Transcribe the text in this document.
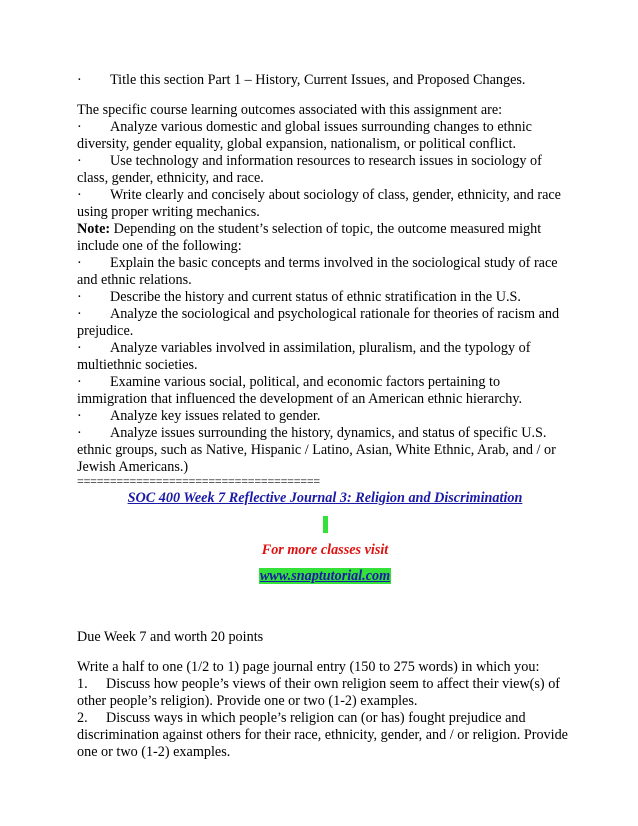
· Title this section Part 1 – History, Current Issues, and Proposed Changes.

The specific course learning outcomes associated with this assignment are:

· Analyze various domestic and global issues surrounding changes to ethnic diversity, gender equality, global expansion, nationalism, or political conflict.

· Use technology and information resources to research issues in sociology of class, gender, ethnicity, and race.

· Write clearly and concisely about sociology of class, gender, ethnicity, and race using proper writing mechanics.

Note: Depending on the student’s selection of topic, the outcome measured might include one of the following:

· Explain the basic concepts and terms involved in the sociological study of race and ethnic relations.

· Describe the history and current status of ethnic stratification in the U.S.

· Analyze the sociological and psychological rationale for theories of racism and prejudice.

· Analyze variables involved in assimilation, pluralism, and the typology of multiethnic societies.

· Examine various social, political, and economic factors pertaining to immigration that influenced the development of an American ethnic hierarchy.

· Analyze key issues related to gender.

· Analyze issues surrounding the history, dynamics, and status of specific U.S. ethnic groups, such as Native, Hispanic / Latino, Asian, White Ethnic, Arab, and / or Jewish Americans.)

=====================================

SOC 400 Week 7 Reflective Journal 3: Religion and Discrimination

For more classes visit

www.snaptutorial.com

Due Week 7 and worth 20 points

Write a half to one (1/2 to 1) page journal entry (150 to 275 words) in which you:

1. Discuss how people’s views of their own religion seem to affect their view(s) of other people’s religion). Provide one or two (1-2) examples.

2. Discuss ways in which people’s religion can (or has) fought prejudice and discrimination against others for their race, ethnicity, gender, and / or religion. Provide one or two (1-2) examples.
